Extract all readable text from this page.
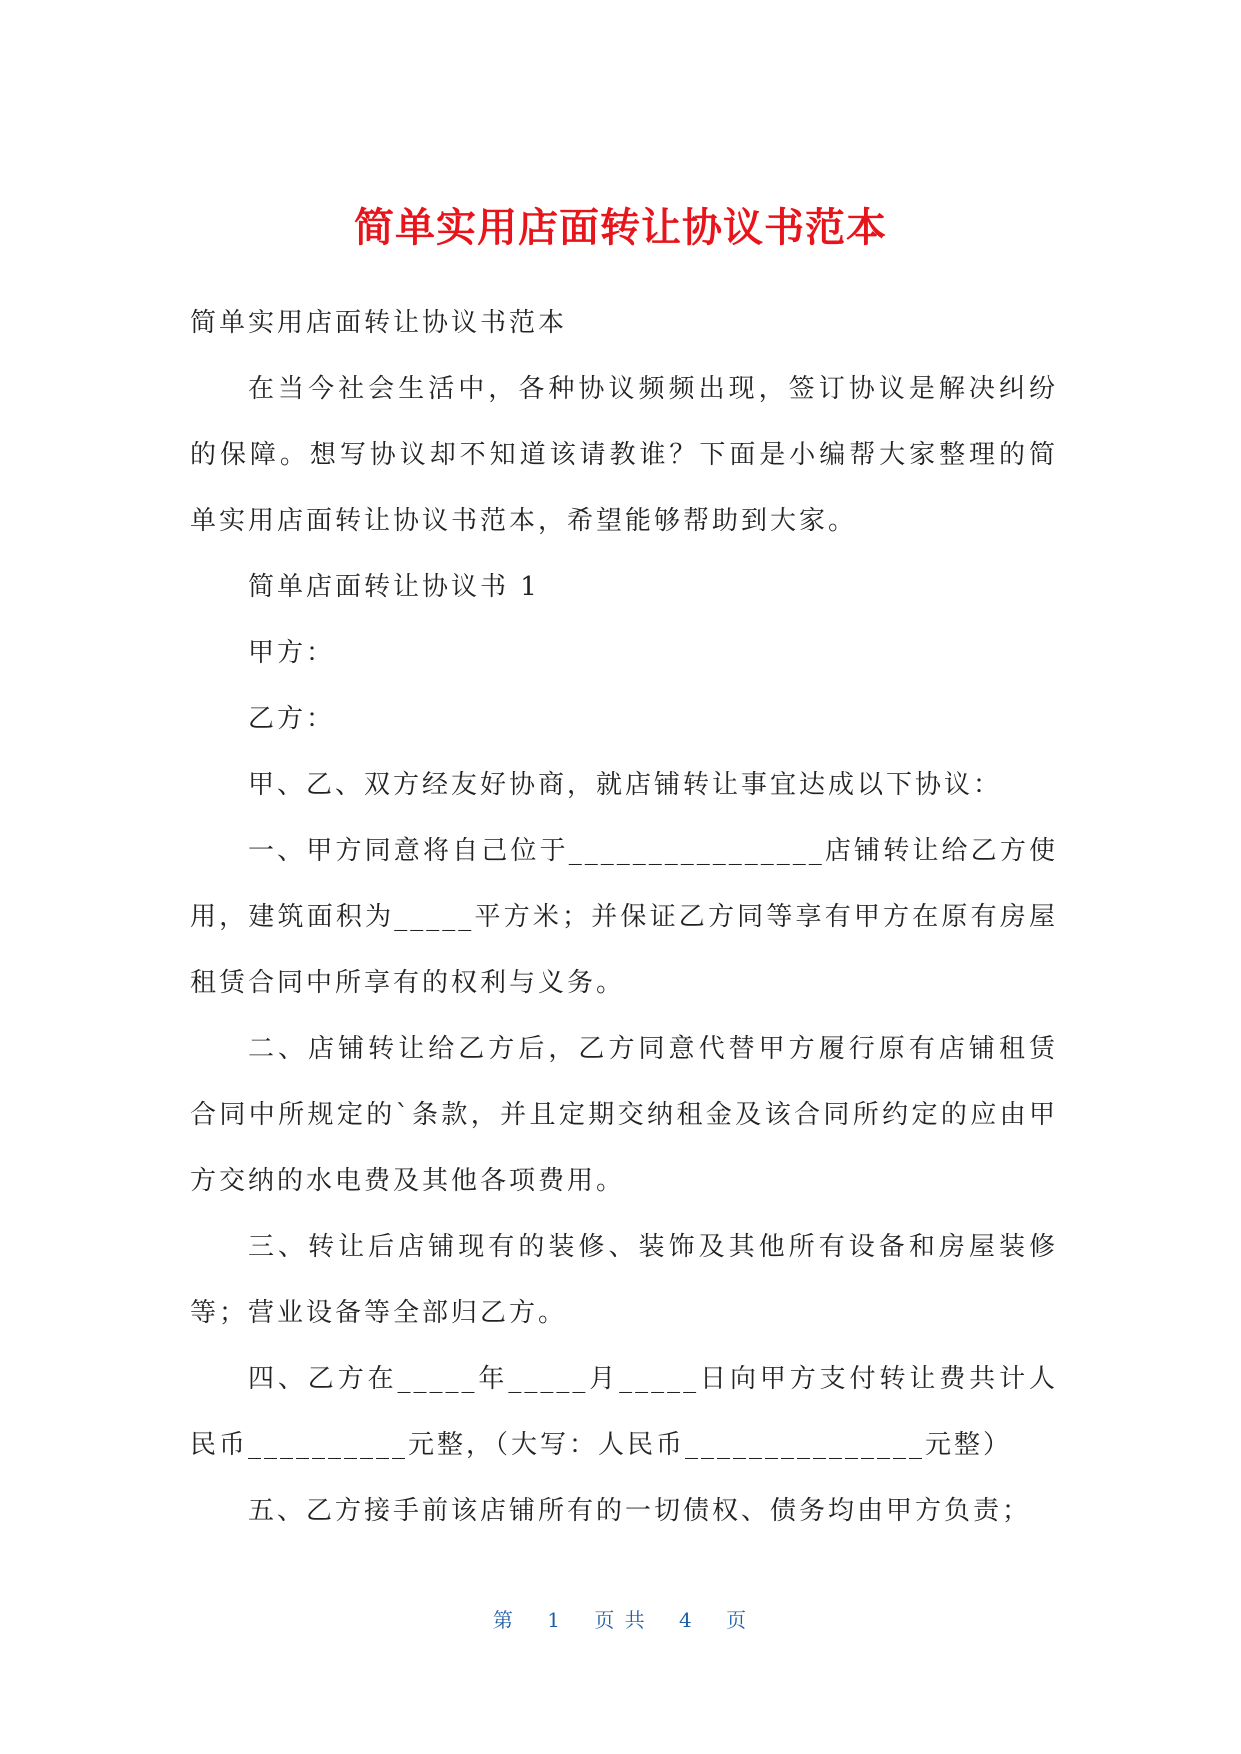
简单实用店面转让协议书范本

简单实用店面转让协议书范本

在当今社会生活中，各种协议频频出现，签订协议是解决纠纷的保障。想写协议却不知道该请教谁？下面是小编帮大家整理的简单实用店面转让协议书范本，希望能够帮助到大家。

简单店面转让协议书 1

甲方：

乙方：

甲、乙、双方经友好协商，就店铺转让事宜达成以下协议：

一、甲方同意将自己位于________________店铺转让给乙方使用，建筑面积为_____平方米；并保证乙方同等享有甲方在原有房屋租赁合同中所享有的权利与义务。

二、店铺转让给乙方后，乙方同意代替甲方履行原有店铺租赁合同中所规定的`条款，并且定期交纳租金及该合同所约定的应由甲方交纳的水电费及其他各项费用。

三、转让后店铺现有的装修、装饰及其他所有设备和房屋装修等；营业设备等全部归乙方。

四、乙方在_____年_____月_____日向甲方支付转让费共计人民币__________元整，（大写：人民币_______________元整）

五、乙方接手前该店铺所有的一切债权、债务均由甲方负责；

第 1 页 共 4 页
